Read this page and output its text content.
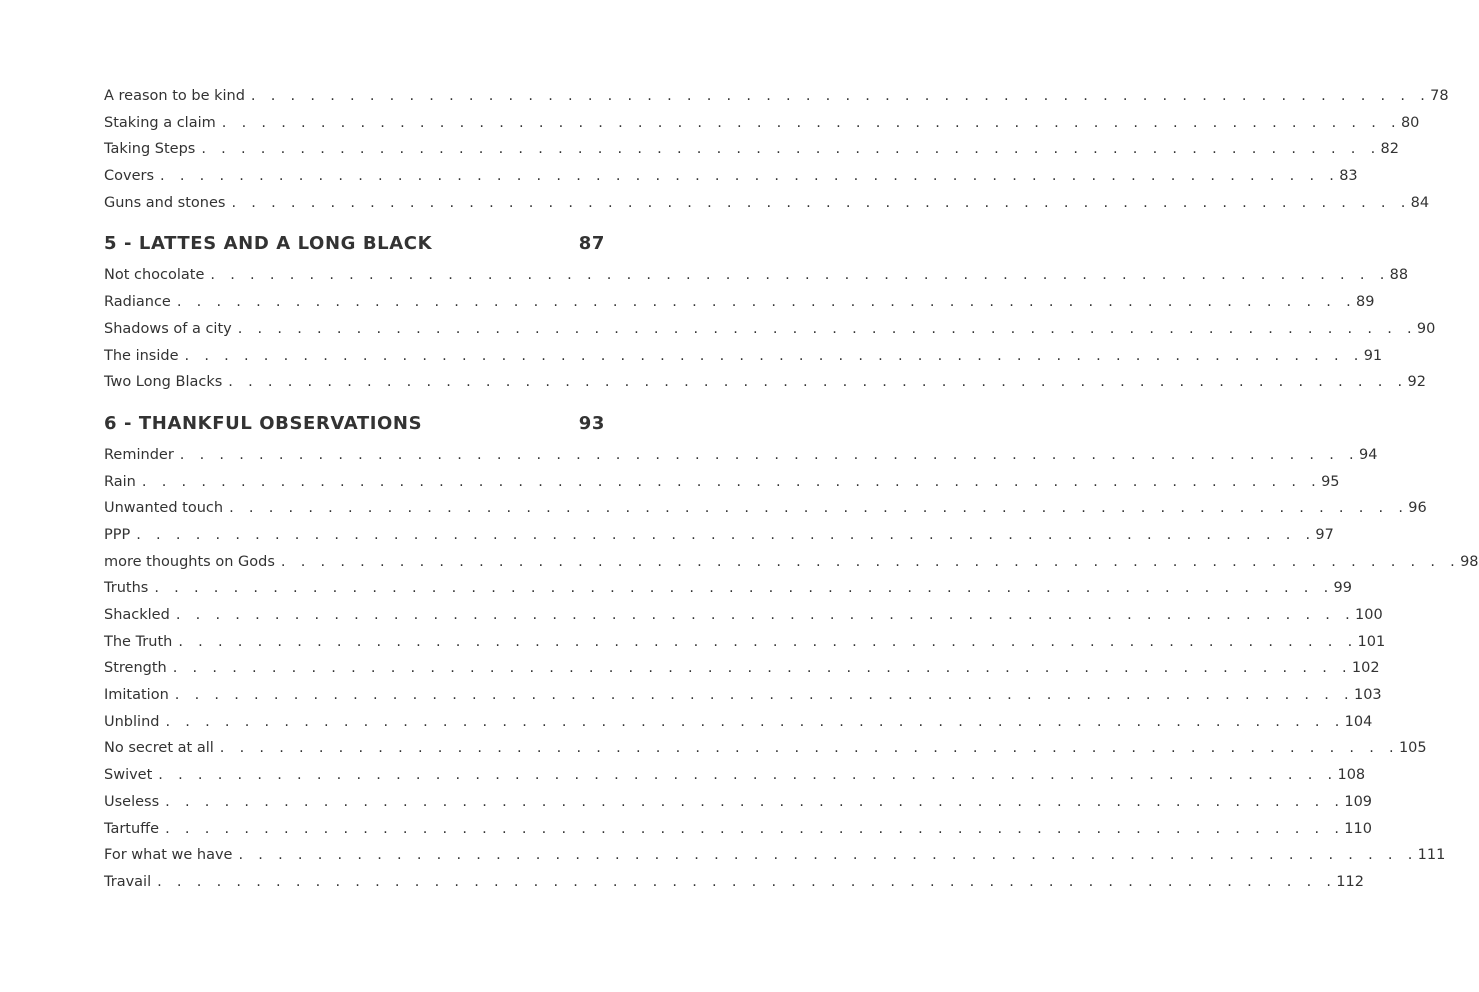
A reason to be kind . . . . . . . . . . . . . . . . . . . . . . . . . . . . . . . . . . . . . . . . . . . . . . . . . . . . . . . . . . . . 78
Staking a claim . . . . . . . . . . . . . . . . . . . . . . . . . . . . . . . . . . . . . . . . . . . . . . . . . . . . . . . . . . . . 80
Taking Steps . . . . . . . . . . . . . . . . . . . . . . . . . . . . . . . . . . . . . . . . . . . . . . . . . . . . . . . . . . . . 82
Covers . . . . . . . . . . . . . . . . . . . . . . . . . . . . . . . . . . . . . . . . . . . . . . . . . . . . . . . . . . . . 83
Guns and stones . . . . . . . . . . . . . . . . . . . . . . . . . . . . . . . . . . . . . . . . . . . . . . . . . . . . . . . . . . . . 84
5 - LATTES AND A LONG BLACK	87
Not chocolate . . . . . . . . . . . . . . . . . . . . . . . . . . . . . . . . . . . . . . . . . . . . . . . . . . . . . . . . . . . . 88
Radiance . . . . . . . . . . . . . . . . . . . . . . . . . . . . . . . . . . . . . . . . . . . . . . . . . . . . . . . . . . . . 89
Shadows of a city . . . . . . . . . . . . . . . . . . . . . . . . . . . . . . . . . . . . . . . . . . . . . . . . . . . . . . . . . . . . 90
The inside . . . . . . . . . . . . . . . . . . . . . . . . . . . . . . . . . . . . . . . . . . . . . . . . . . . . . . . . . . . . 91
Two Long Blacks . . . . . . . . . . . . . . . . . . . . . . . . . . . . . . . . . . . . . . . . . . . . . . . . . . . . . . . . . . . . 92
6 - THANKFUL OBSERVATIONS	93
Reminder . . . . . . . . . . . . . . . . . . . . . . . . . . . . . . . . . . . . . . . . . . . . . . . . . . . . . . . . . . . . 94
Rain . . . . . . . . . . . . . . . . . . . . . . . . . . . . . . . . . . . . . . . . . . . . . . . . . . . . . . . . . . . . 95
Unwanted touch . . . . . . . . . . . . . . . . . . . . . . . . . . . . . . . . . . . . . . . . . . . . . . . . . . . . . . . . . . . . 96
PPP . . . . . . . . . . . . . . . . . . . . . . . . . . . . . . . . . . . . . . . . . . . . . . . . . . . . . . . . . . . . 97
more thoughts on Gods . . . . . . . . . . . . . . . . . . . . . . . . . . . . . . . . . . . . . . . . . . . . . . . . . . . . . . . . . . . . 98
Truths . . . . . . . . . . . . . . . . . . . . . . . . . . . . . . . . . . . . . . . . . . . . . . . . . . . . . . . . . . . . 99
Shackled . . . . . . . . . . . . . . . . . . . . . . . . . . . . . . . . . . . . . . . . . . . . . . . . . . . . . . . . . . . . 100
The Truth . . . . . . . . . . . . . . . . . . . . . . . . . . . . . . . . . . . . . . . . . . . . . . . . . . . . . . . . . . . . 101
Strength . . . . . . . . . . . . . . . . . . . . . . . . . . . . . . . . . . . . . . . . . . . . . . . . . . . . . . . . . . . . 102
Imitation . . . . . . . . . . . . . . . . . . . . . . . . . . . . . . . . . . . . . . . . . . . . . . . . . . . . . . . . . . . . 103
Unblind . . . . . . . . . . . . . . . . . . . . . . . . . . . . . . . . . . . . . . . . . . . . . . . . . . . . . . . . . . . . 104
No secret at all . . . . . . . . . . . . . . . . . . . . . . . . . . . . . . . . . . . . . . . . . . . . . . . . . . . . . . . . . . . . 105
Swivet . . . . . . . . . . . . . . . . . . . . . . . . . . . . . . . . . . . . . . . . . . . . . . . . . . . . . . . . . . . . 108
Useless . . . . . . . . . . . . . . . . . . . . . . . . . . . . . . . . . . . . . . . . . . . . . . . . . . . . . . . . . . . . 109
Tartuffe . . . . . . . . . . . . . . . . . . . . . . . . . . . . . . . . . . . . . . . . . . . . . . . . . . . . . . . . . . . . 110
For what we have . . . . . . . . . . . . . . . . . . . . . . . . . . . . . . . . . . . . . . . . . . . . . . . . . . . . . . . . . . . . 111
Travail . . . . . . . . . . . . . . . . . . . . . . . . . . . . . . . . . . . . . . . . . . . . . . . . . . . . . . . . . . . . 112
